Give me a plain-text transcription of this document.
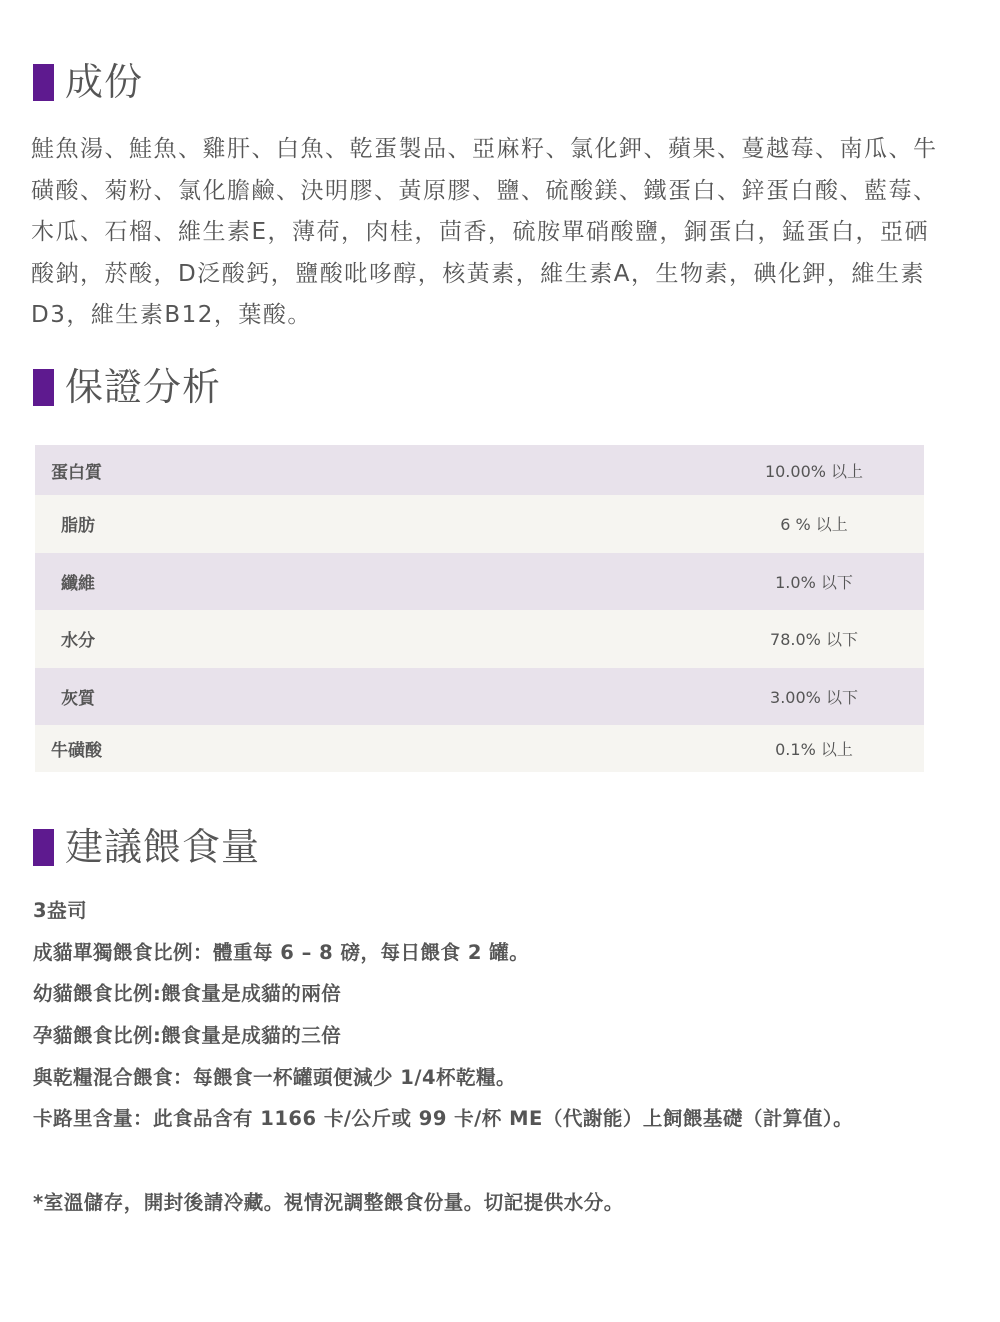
成份

鮭魚湯、鮭魚、雞肝、白魚、乾蛋製品、亞麻籽、氯化鉀、蘋果、蔓越莓、南瓜、牛磺酸、菊粉、氯化膽鹼、決明膠、黃原膠、鹽、硫酸鎂、鐵蛋白、鋅蛋白酸、藍莓、木瓜、石榴、維生素E，薄荷，肉桂，茴香，硫胺單硝酸鹽，銅蛋白，錳蛋白，亞硒酸鈉，菸酸，D泛酸鈣，鹽酸吡哆醇，核黃素，維生素A，生物素，碘化鉀，維生素D3，維生素B12，葉酸。

保證分析
蛋白質	10.00% 以上
脂肪	6 % 以上
纖維	1.0% 以下
水分	78.0% 以下
灰質	3.00% 以下
牛磺酸	0.1% 以上
建議餵食量
3盎司
成貓單獨餵食比例：體重每 6 – 8 磅，每日餵食 2 罐。
幼貓餵食比例:餵食量是成貓的兩倍
孕貓餵食比例:餵食量是成貓的三倍
與乾糧混合餵食：每餵食一杯罐頭便減少 1/4杯乾糧。
卡路里含量：此食品含有 1166 卡/公斤或 99 卡/杯 ME（代謝能）上飼餵基礎（計算值）。
*室溫儲存，開封後請冷藏。視情況調整餵食份量。切記提供水分。
